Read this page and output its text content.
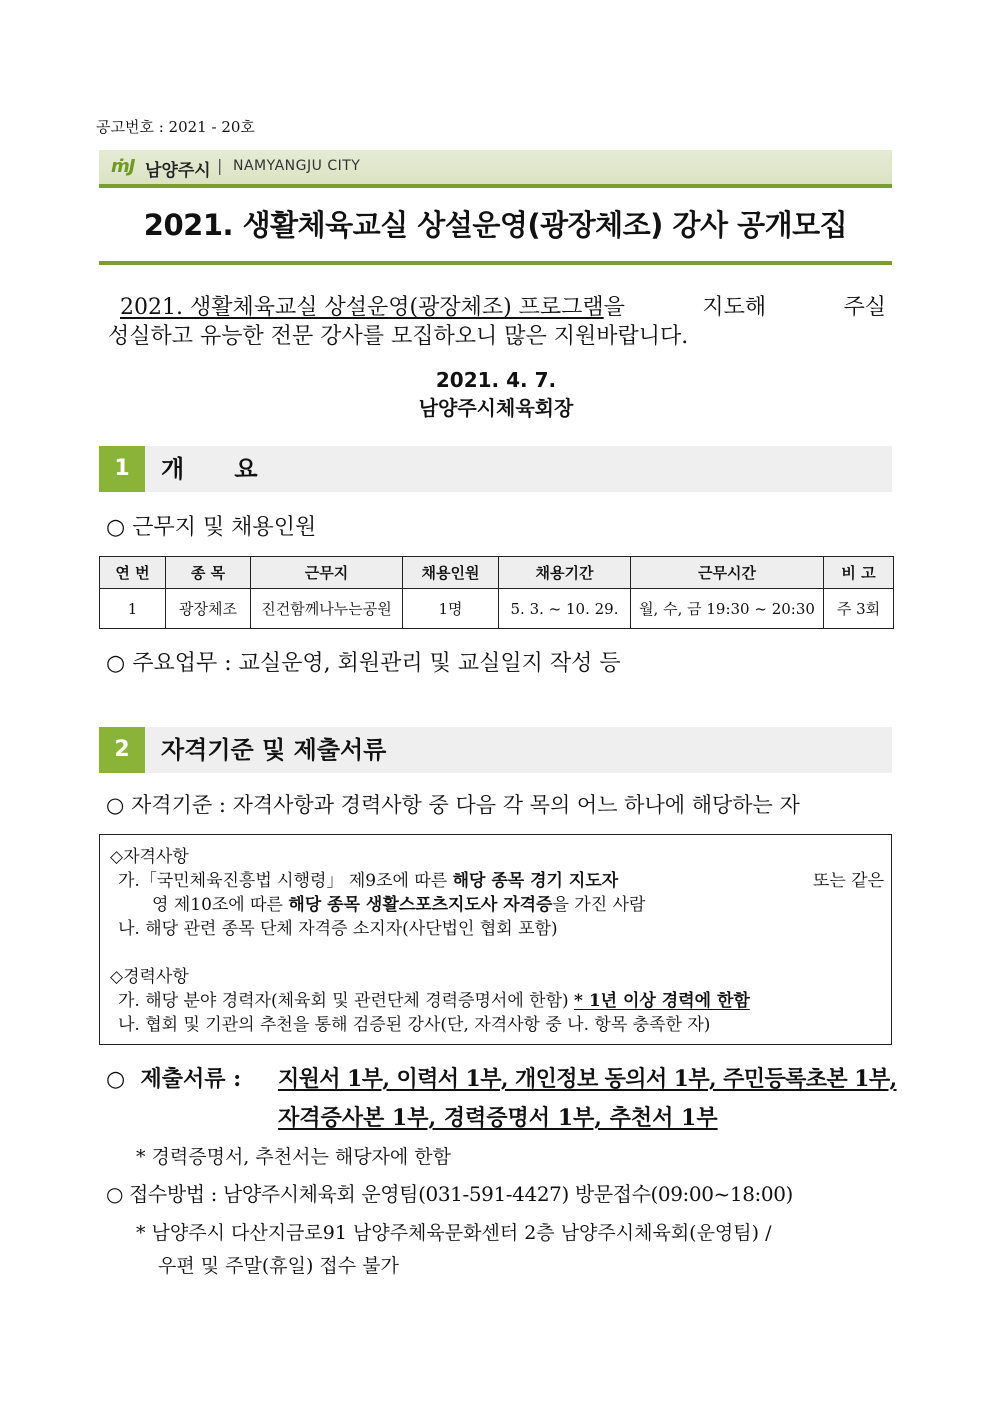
공고번호 : 2021 - 20호
ṁJ 남양주시 | NAMYANGJU CITY
2021. 생활체육교실 상설운영(광장체조) 강사 공개모집
2021. 생활체육교실 상설운영(광장체조) 프로그램을	지도해	주실
성실하고 유능한 전문 강사를 모집하오니 많은 지원바랍니다.
2021. 4. 7.
남양주시체육회장
1	개      요
○ 근무지 및 채용인원
연 번	종 목	근무지	채용인원	채용기간	근무시간	비 고
1	광장체조	진건함께나누는공원	1명	5. 3. ~ 10. 29.	월, 수, 금 19:30 ~ 20:30	주 3회
○ 주요업무 : 교실운영, 회원관리 및 교실일지 작성 등
2	자격기준 및 제출서류
○ 자격기준 : 자격사항과 경력사항 중 다음 각 목의 어느 하나에 해당하는 자
◇자격사항
가.「국민체육진흥법 시행령」 제9조에 따른 해당 종목 경기 지도자	또는 같은
영 제10조에 따른 해당 종목 생활스포츠지도사 자격증을 가진 사람
나. 해당 관련 종목 단체 자격증 소지자(사단법인 협회 포함)
◇경력사항
가. 해당 분야 경력자(체육회 및 관련단체 경력증명서에 한함) * 1년 이상 경력에 한함
나. 협회 및 기관의 추천을 통해 검증된 강사(단, 자격사항 중 나. 항목 충족한 자)
○  제출서류 : 지원서 1부, 이력서 1부, 개인정보 동의서 1부, 주민등록초본 1부,
자격증사본 1부, 경력증명서 1부, 추천서 1부
* 경력증명서, 추천서는 해당자에 한함
○ 접수방법 : 남양주시체육회 운영팀(031-591-4427) 방문접수(09:00~18:00)
* 남양주시 다산지금로91 남양주체육문화센터 2층 남양주시체육회(운영팀) /
우편 및 주말(휴일) 접수 불가
